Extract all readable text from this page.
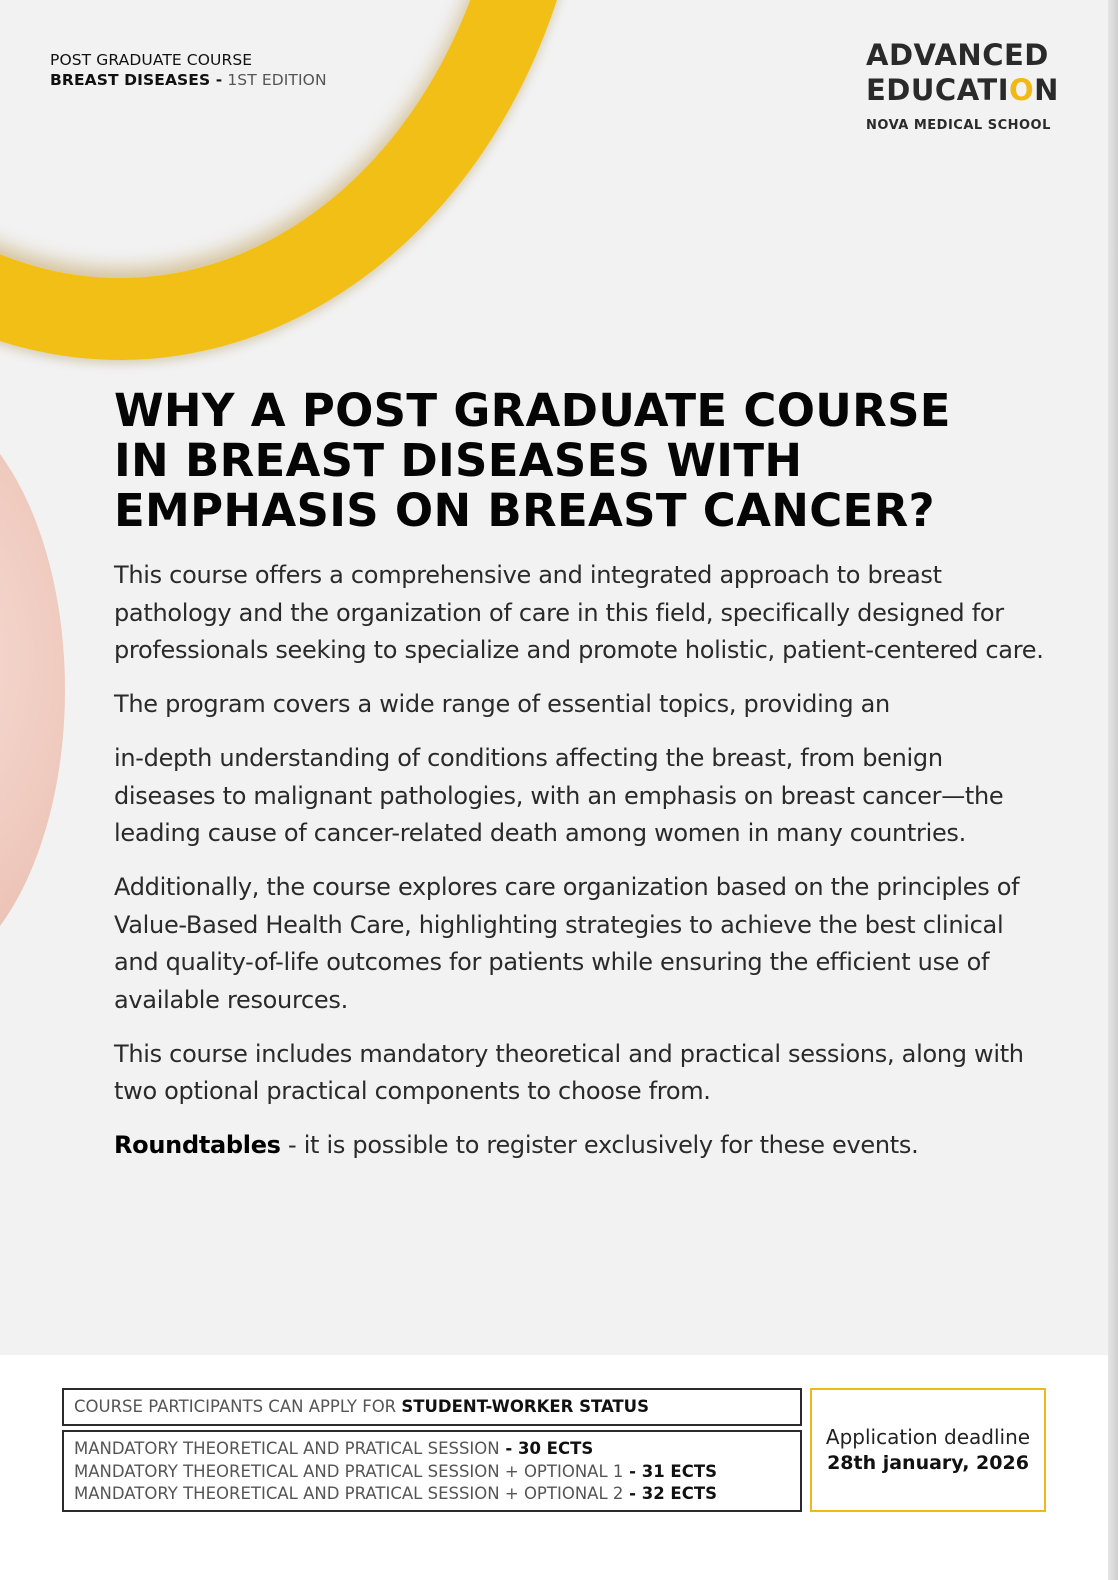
POST GRADUATE COURSE
BREAST DISEASES - 1ST EDITION
ADVANCED
EDUCATION
NOVA MEDICAL SCHOOL
WHY A POST GRADUATE COURSE
IN BREAST DISEASES WITH
EMPHASIS ON BREAST CANCER?

This course offers a comprehensive and integrated approach to breast pathology and the organization of care in this field, specifically designed for professionals seeking to specialize and promote holistic, patient-centered care.

The program covers a wide range of essential topics, providing an

in-depth understanding of conditions affecting the breast, from benign diseases to malignant pathologies, with an emphasis on breast cancer—the leading cause of cancer-related death among women in many countries.

Additionally, the course explores care organization based on the principles of Value-Based Health Care, highlighting strategies to achieve the best clinical and quality-of-life outcomes for patients while ensuring the efficient use of available resources.

This course includes mandatory theoretical and practical sessions, along with two optional practical components to choose from.

Roundtables - it is possible to register exclusively for these events.

COURSE PARTICIPANTS CAN APPLY FOR STUDENT-WORKER STATUS
MANDATORY THEORETICAL AND PRATICAL SESSION - 30 ECTS
MANDATORY THEORETICAL AND PRATICAL SESSION + OPTIONAL 1 - 31 ECTS
MANDATORY THEORETICAL AND PRATICAL SESSION + OPTIONAL 2 - 32 ECTS
Application deadline
28th january, 2026
